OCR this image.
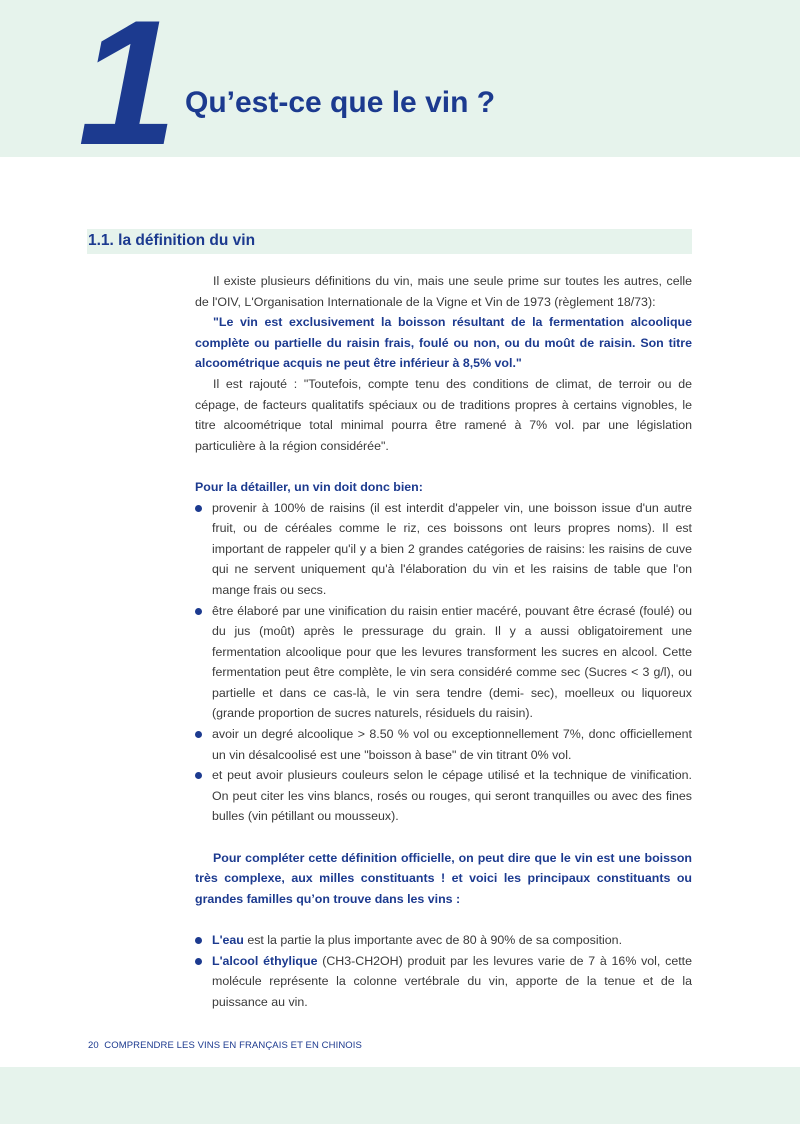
1 Qu’est-ce que le vin ?
1.1. la définition du vin

Il existe plusieurs définitions du vin, mais une seule prime sur toutes les autres, celle de l'OIV, L'Organisation Internationale de la Vigne et Vin de 1973 (règlement 18/73):

"Le vin est exclusivement la boisson résultant de la fermentation alcoolique complète ou partielle du raisin frais, foulé ou non, ou du moût de raisin. Son titre alcoométrique acquis ne peut être inférieur à 8,5% vol."

Il est rajouté : "Toutefois, compte tenu des conditions de climat, de terroir ou de cépage, de facteurs qualitatifs spéciaux ou de traditions propres à certains vignobles, le titre alcoométrique total minimal pourra être ramené à 7% vol. par une législation particulière à la région considérée".

Pour la détailler, un vin doit donc bien:

provenir à 100% de raisins (il est interdit d'appeler vin, une boisson issue d'un autre fruit, ou de céréales comme le riz, ces boissons ont leurs propres noms). Il est important de rappeler qu'il y a bien 2 grandes catégories de raisins: les raisins de cuve qui ne servent uniquement qu'à l'élaboration du vin et les raisins de table que l'on mange frais ou secs.
être élaboré par une vinification du raisin entier macéré, pouvant être écrasé (foulé) ou du jus (moût) après le pressurage du grain. Il y a aussi obligatoirement une fermentation alcoolique pour que les levures transforment les sucres en alcool. Cette fermentation peut être complète, le vin sera considéré comme sec (Sucres < 3 g/l), ou partielle et dans ce cas-là, le vin sera tendre (demi- sec), moelleux ou liquoreux (grande proportion de sucres naturels, résiduels du raisin).
avoir un degré alcoolique > 8.50 % vol ou exceptionnellement 7%, donc officiellement un vin désalcoolisé est une "boisson à base" de vin titrant 0% vol.
et peut avoir plusieurs couleurs selon le cépage utilisé et la technique de vinification. On peut citer les vins blancs, rosés ou rouges, qui seront tranquilles ou avec des fines bulles (vin pétillant ou mousseux).

Pour compléter cette définition officielle, on peut dire que le vin est une boisson très complexe, aux milles constituants ! et voici les principaux constituants ou grandes familles qu’on trouve dans les vins :

L'eau est la partie la plus importante avec de 80 à 90% de sa composition.
L'alcool éthylique (CH3-CH2OH) produit par les levures varie de 7 à 16% vol, cette molécule représente la colonne vertébrale du vin, apporte de la tenue et de la puissance au vin.
20 COMPRENDRE LES VINS EN FRANÇAIS ET EN CHINOIS
